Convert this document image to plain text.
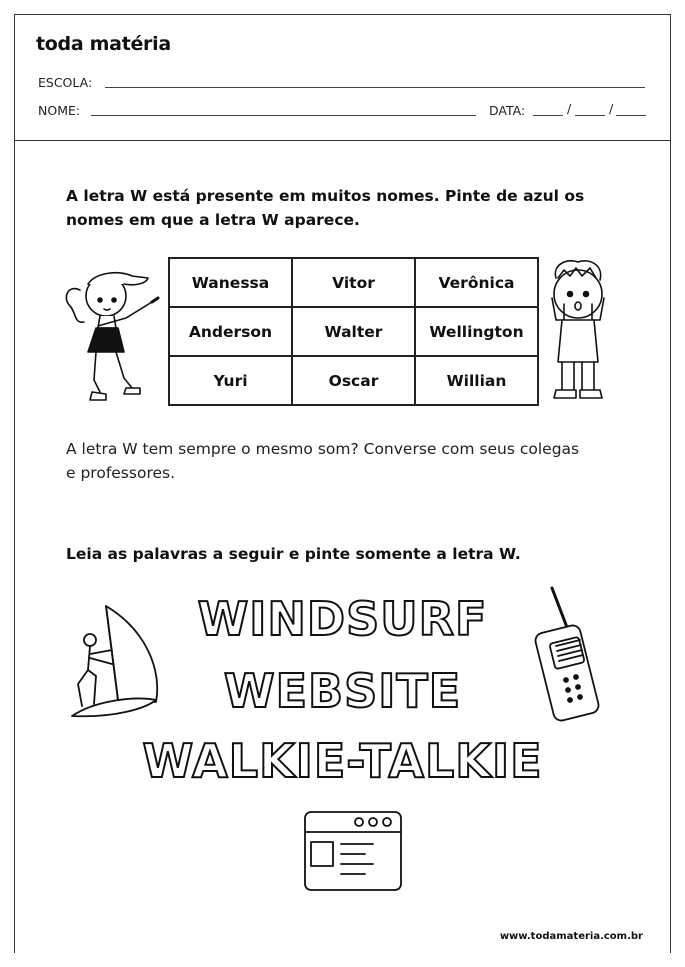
toda matéria
ESCOLA:
NOME:	DATA:	/	/
A letra W está presente em muitos nomes. Pinte de azul os
nomes em que a letra W aparece.
Wanessa	Vitor	Verônica
Anderson	Walter	Wellington
Yuri	Oscar	Willian
A letra W tem sempre o mesmo som? Converse com seus colegas
e professores.
Leia as palavras a seguir e pinte somente a letra W.
WINDSURF
WEBSITE
WALKIE-TALKIE
www.todamateria.com.br
